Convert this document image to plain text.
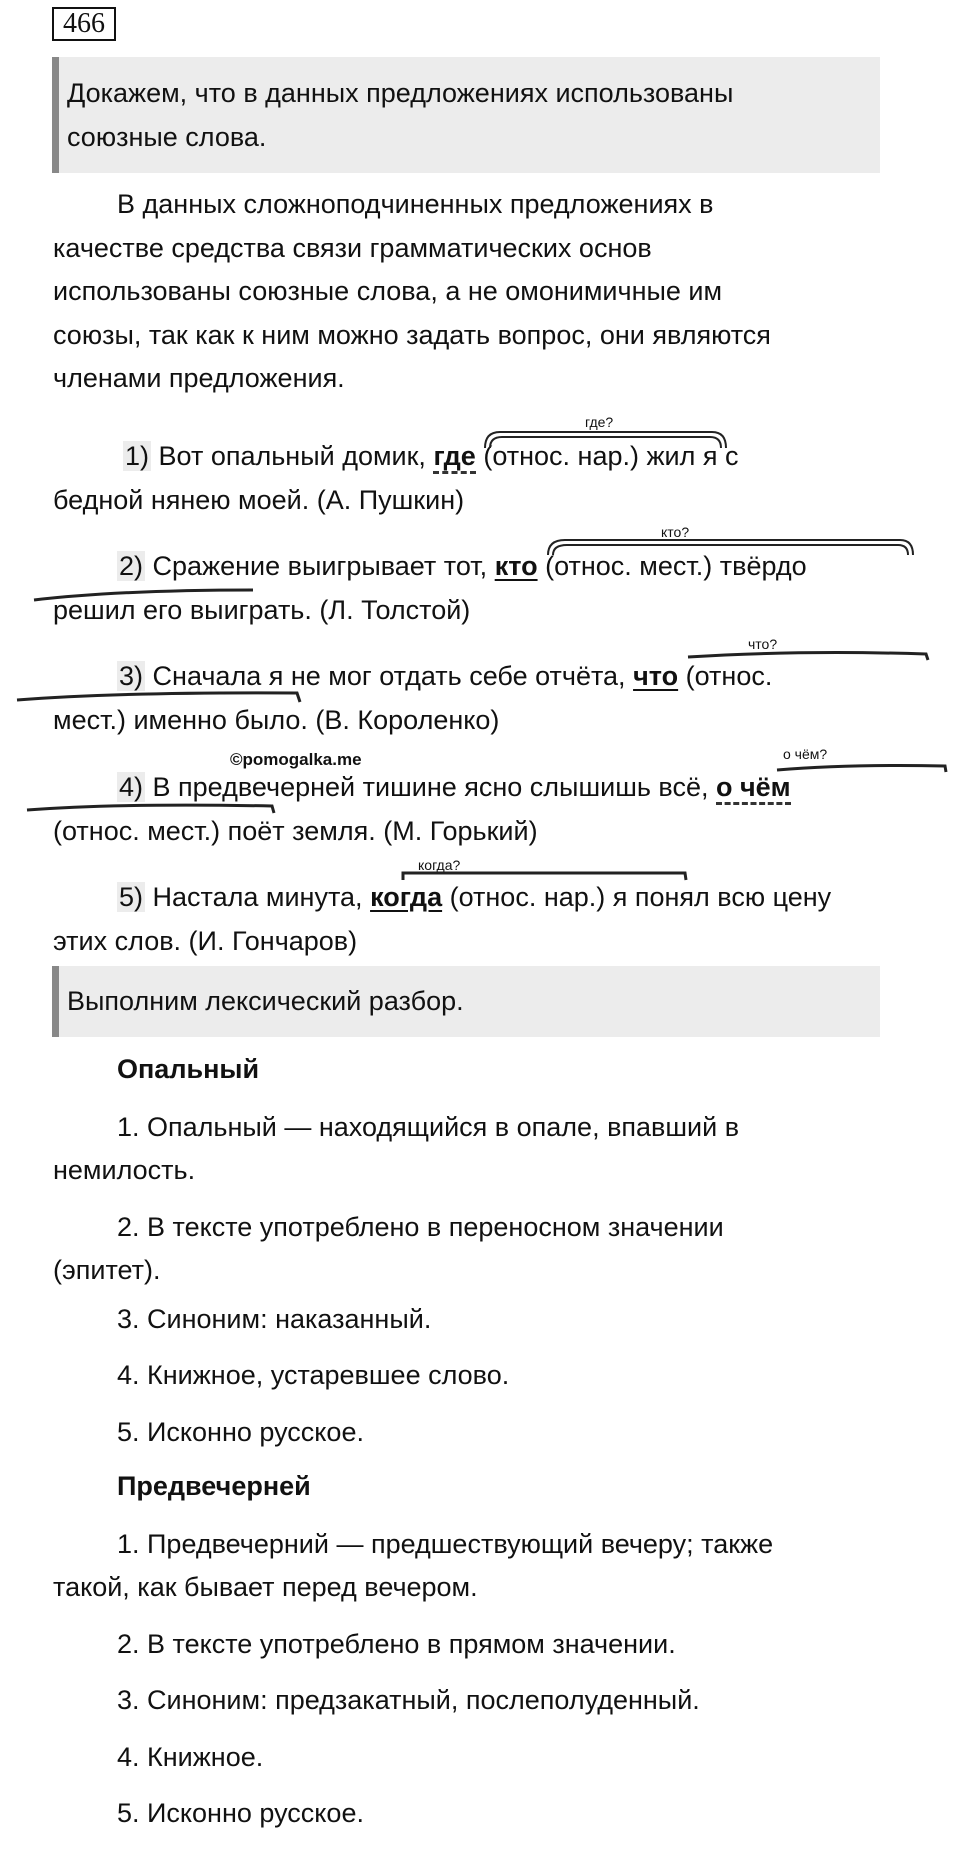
466
Докажем, что в данных предложениях использованы
союзные слова.
В данных сложноподчиненных предложениях в
качестве средства связи грамматических основ
использованы союзные слова, а не омонимичные им
союзы, так как к ним можно задать вопрос, они являются
членами предложения.
1) Вот опальный домик, где (относ. нар.) жил я с
бедной нянею моей. (А. Пушкин)
2) Сражение выигрывает тот, кто (относ. мест.) твёрдо
решил его выиграть. (Л. Толстой)
3) Сначала я не мог отдать себе отчёта, что (относ.
мест.) именно было. (В. Короленко)
©pomogalka.me
4) В предвечерней тишине ясно слышишь всё, о чём
(относ. мест.) поёт земля. (М. Горький)
5) Настала минута, когда (относ. нар.) я понял всю цену
этих слов. (И. Гончаров)
где?
кто?
что?
о чём?
когда?
Выполним лексический разбор.
Опальный
1. Опальный — находящийся в опале, впавший в
немилость.
2. В тексте употреблено в переносном значении
(эпитет).
3. Синоним: наказанный.
4. Книжное, устаревшее слово.
5. Исконно русское.
Предвечерней
1. Предвечерний — предшествующий вечеру; также
такой, как бывает перед вечером.
2. В тексте употреблено в прямом значении.
3. Синоним: предзакатный, послеполуденный.
4. Книжное.
5. Исконно русское.
